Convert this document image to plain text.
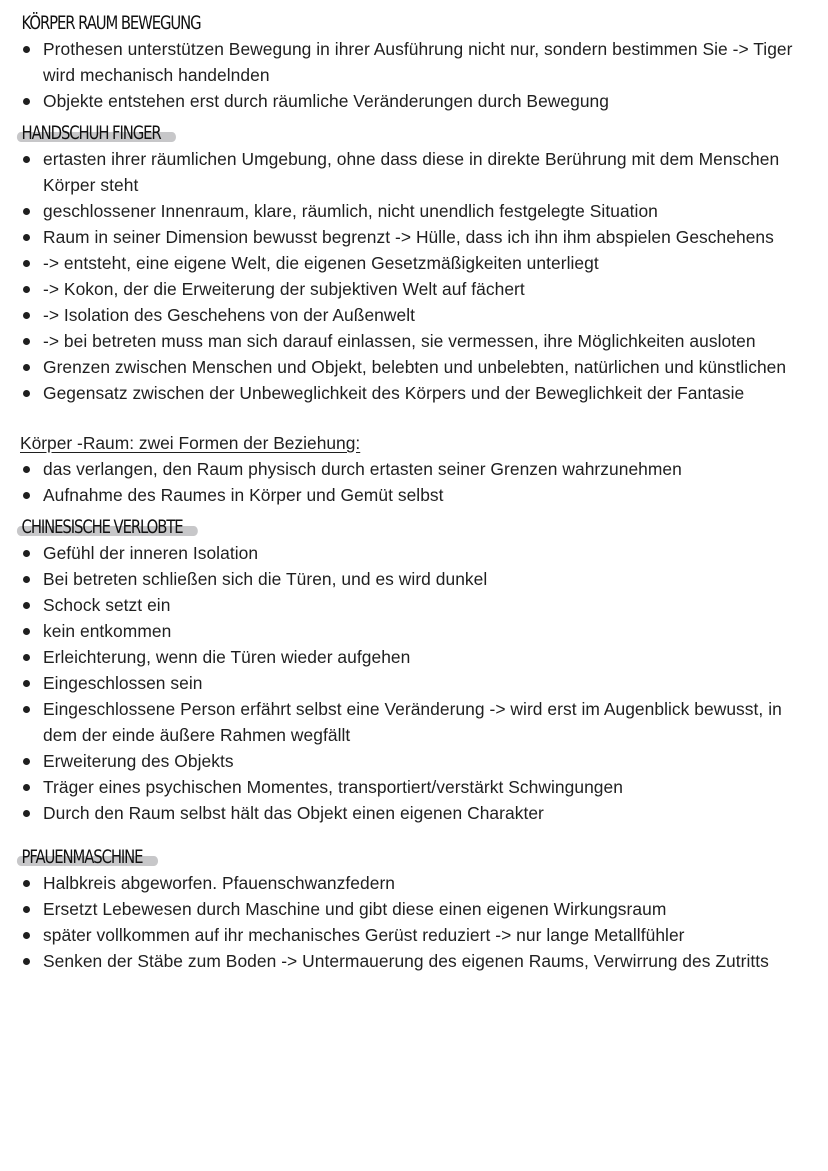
KÖRPER RAUM BEWEGUNG
Prothesen unterstützen Bewegung in ihrer Ausführung nicht nur, sondern bestimmen Sie -> Tiger wird mechanisch handelnden
Objekte entstehen erst durch räumliche Veränderungen durch Bewegung
HANDSCHUH FINGER
ertasten ihrer räumlichen Umgebung, ohne dass diese in direkte Berührung mit dem Menschen Körper steht
geschlossener Innenraum, klare, räumlich, nicht unendlich festgelegte Situation
Raum in seiner Dimension bewusst begrenzt -> Hülle, dass ich ihn ihm abspielen Geschehens
-> entsteht, eine eigene Welt, die eigenen Gesetzmäßigkeiten unterliegt
-> Kokon, der die Erweiterung der subjektiven Welt auf fächert
-> Isolation des Geschehens von der Außenwelt
-> bei betreten muss man sich darauf einlassen, sie vermessen, ihre Möglichkeiten ausloten
Grenzen zwischen Menschen und Objekt, belebten und unbelebten, natürlichen und künstlichen
Gegensatz zwischen der Unbeweglichkeit des Körpers und der Beweglichkeit der Fantasie

Körper -Raum: zwei Formen der Beziehung:

das verlangen, den Raum physisch durch ertasten seiner Grenzen wahrzunehmen
Aufnahme des Raumes in Körper und Gemüt selbst
CHINESISCHE VERLOBTE
Gefühl der inneren Isolation
Bei betreten schließen sich die Türen, und es wird dunkel
Schock setzt ein
kein entkommen
Erleichterung, wenn die Türen wieder aufgehen
Eingeschlossen sein
Eingeschlossene Person erfährt selbst eine Veränderung -> wird erst im Augenblick bewusst, in dem der einde äußere Rahmen wegfällt
Erweiterung des Objekts
Träger eines psychischen Momentes, transportiert/verstärkt Schwingungen
Durch den Raum selbst hält das Objekt einen eigenen Charakter
PFAUENMASCHINE
Halbkreis abgeworfen. Pfauenschwanzfedern
Ersetzt Lebewesen durch Maschine und gibt diese einen eigenen Wirkungsraum
später vollkommen auf ihr mechanisches Gerüst reduziert -> nur lange Metallfühler
Senken der Stäbe zum Boden -> Untermauerung des eigenen Raums, Verwirrung des Zutritts
